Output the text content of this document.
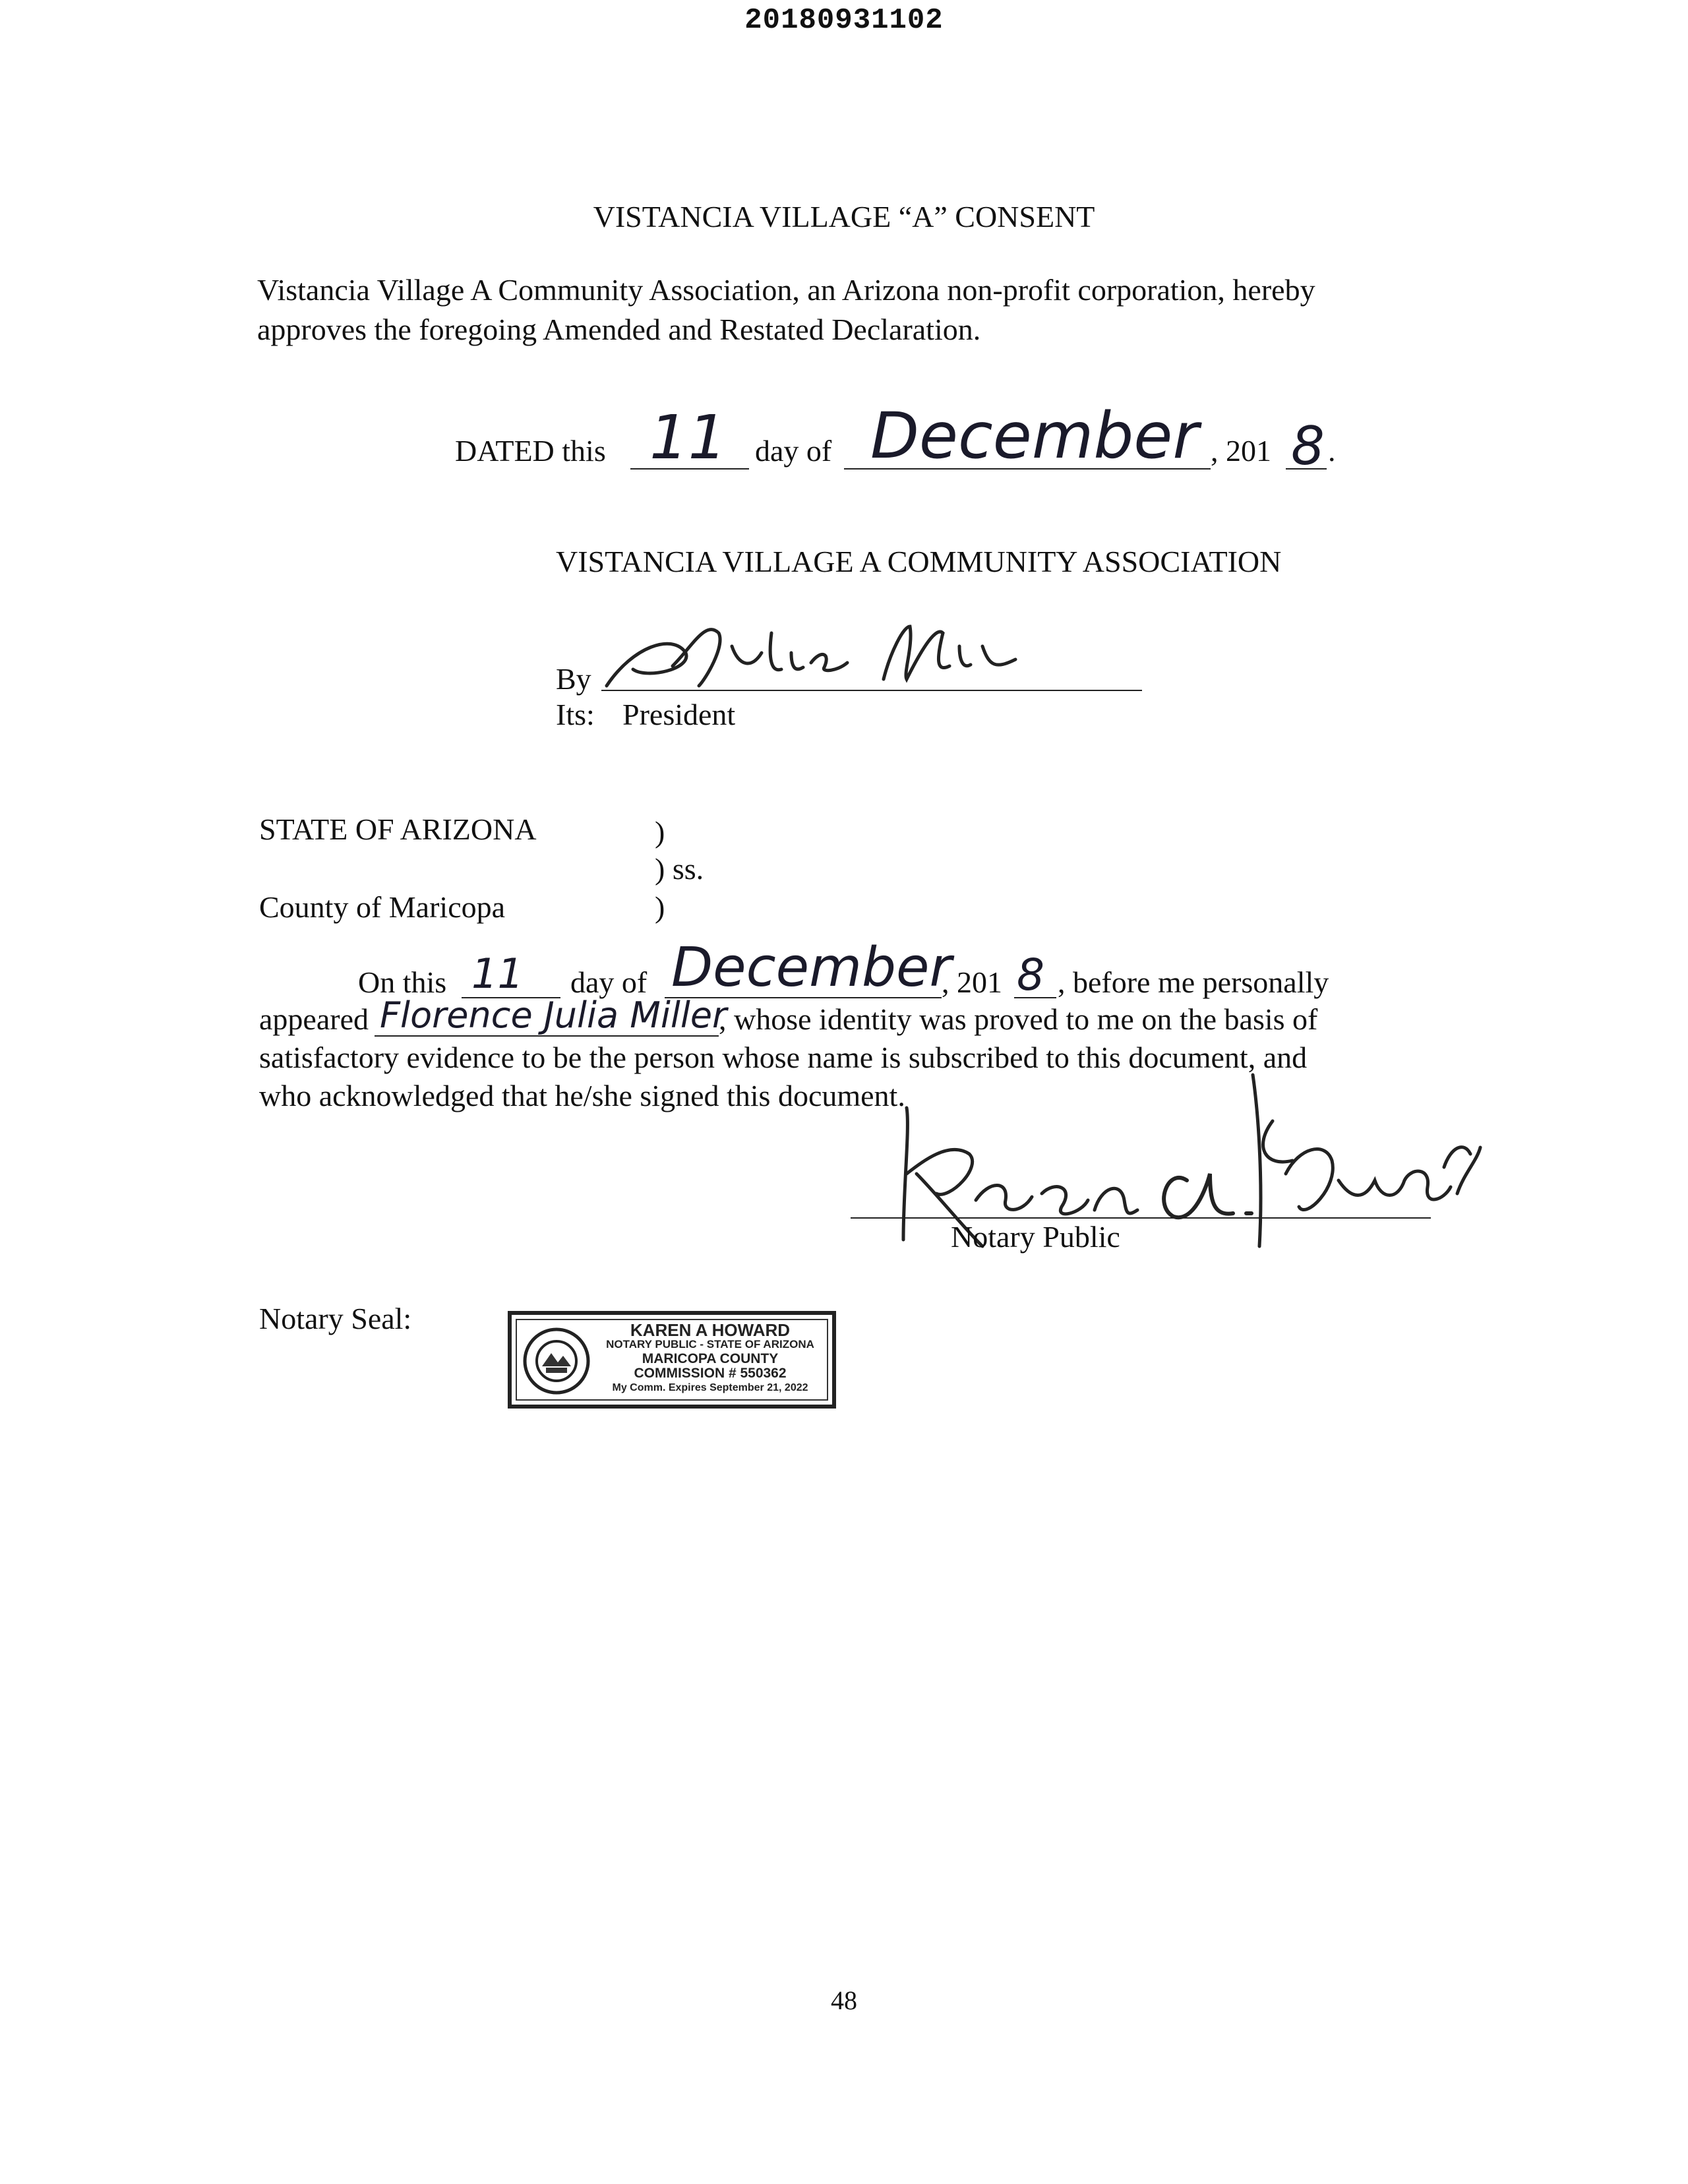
20180931102
VISTANCIA VILLAGE “A” CONSENT
Vistancia Village A Community Association, an Arizona non-profit corporation, hereby
approves the foregoing Amended and Restated Declaration.
DATED this 11 day of December , 201 8 .
VISTANCIA VILLAGE A COMMUNITY ASSOCIATION
By
Its: President
STATE OF ARIZONA	)
) ss.
County of Maricopa	)
On this 11 day of December
, 201 8 , before me personally
appeared Florence Julia Miller
, whose identity was proved to me on the basis of
satisfactory evidence to be the person whose name is subscribed to this document, and
who acknowledged that he/she signed this document.
Notary Public
Notary Seal:	KAREN A HOWARD
NOTARY PUBLIC - STATE OF ARIZONA
MARICOPA COUNTY
COMMISSION # 550362
My Comm. Expires September 21, 2022
48
